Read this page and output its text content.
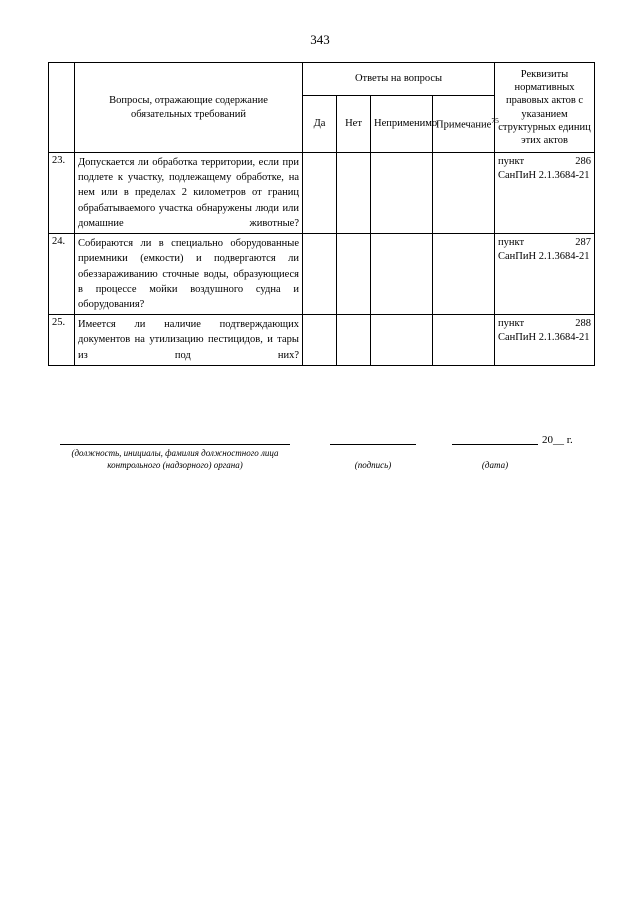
343
	Вопросы, отражающие содержание обязательных требований	Ответы на вопросы				Реквизиты нормативных правовых актов с указанием структурных единиц этих актов
		Да	Нет	Неприменимо	Примечание$^{75}$
23.	Допускается ли обработка территории, если при подлете к участку, подлежащему обработке, на нем или в пределах 2 километров от границ обрабатываемого участка обнаружены люди или домашние животные?					пункт 286
СанПиН 2.1.3684-21

24.	Собираются ли в специально оборудованные приемники (емкости) и подвергаются ли обеззараживанию сточные воды, образующиеся в процессе мойки воздушного судна и оборудования?					пункт 287
СанПиН 2.1.3684-21

25.	Имеется ли наличие подтверждающих документов на утилизацию пестицидов, и тары из под них?					пункт 288
СанПиН 2.1.3684-21
20__ г.
(должность, инициалы, фамилия должностного лица контрольного (надзорного) органа)	(подпись)	(дата)
